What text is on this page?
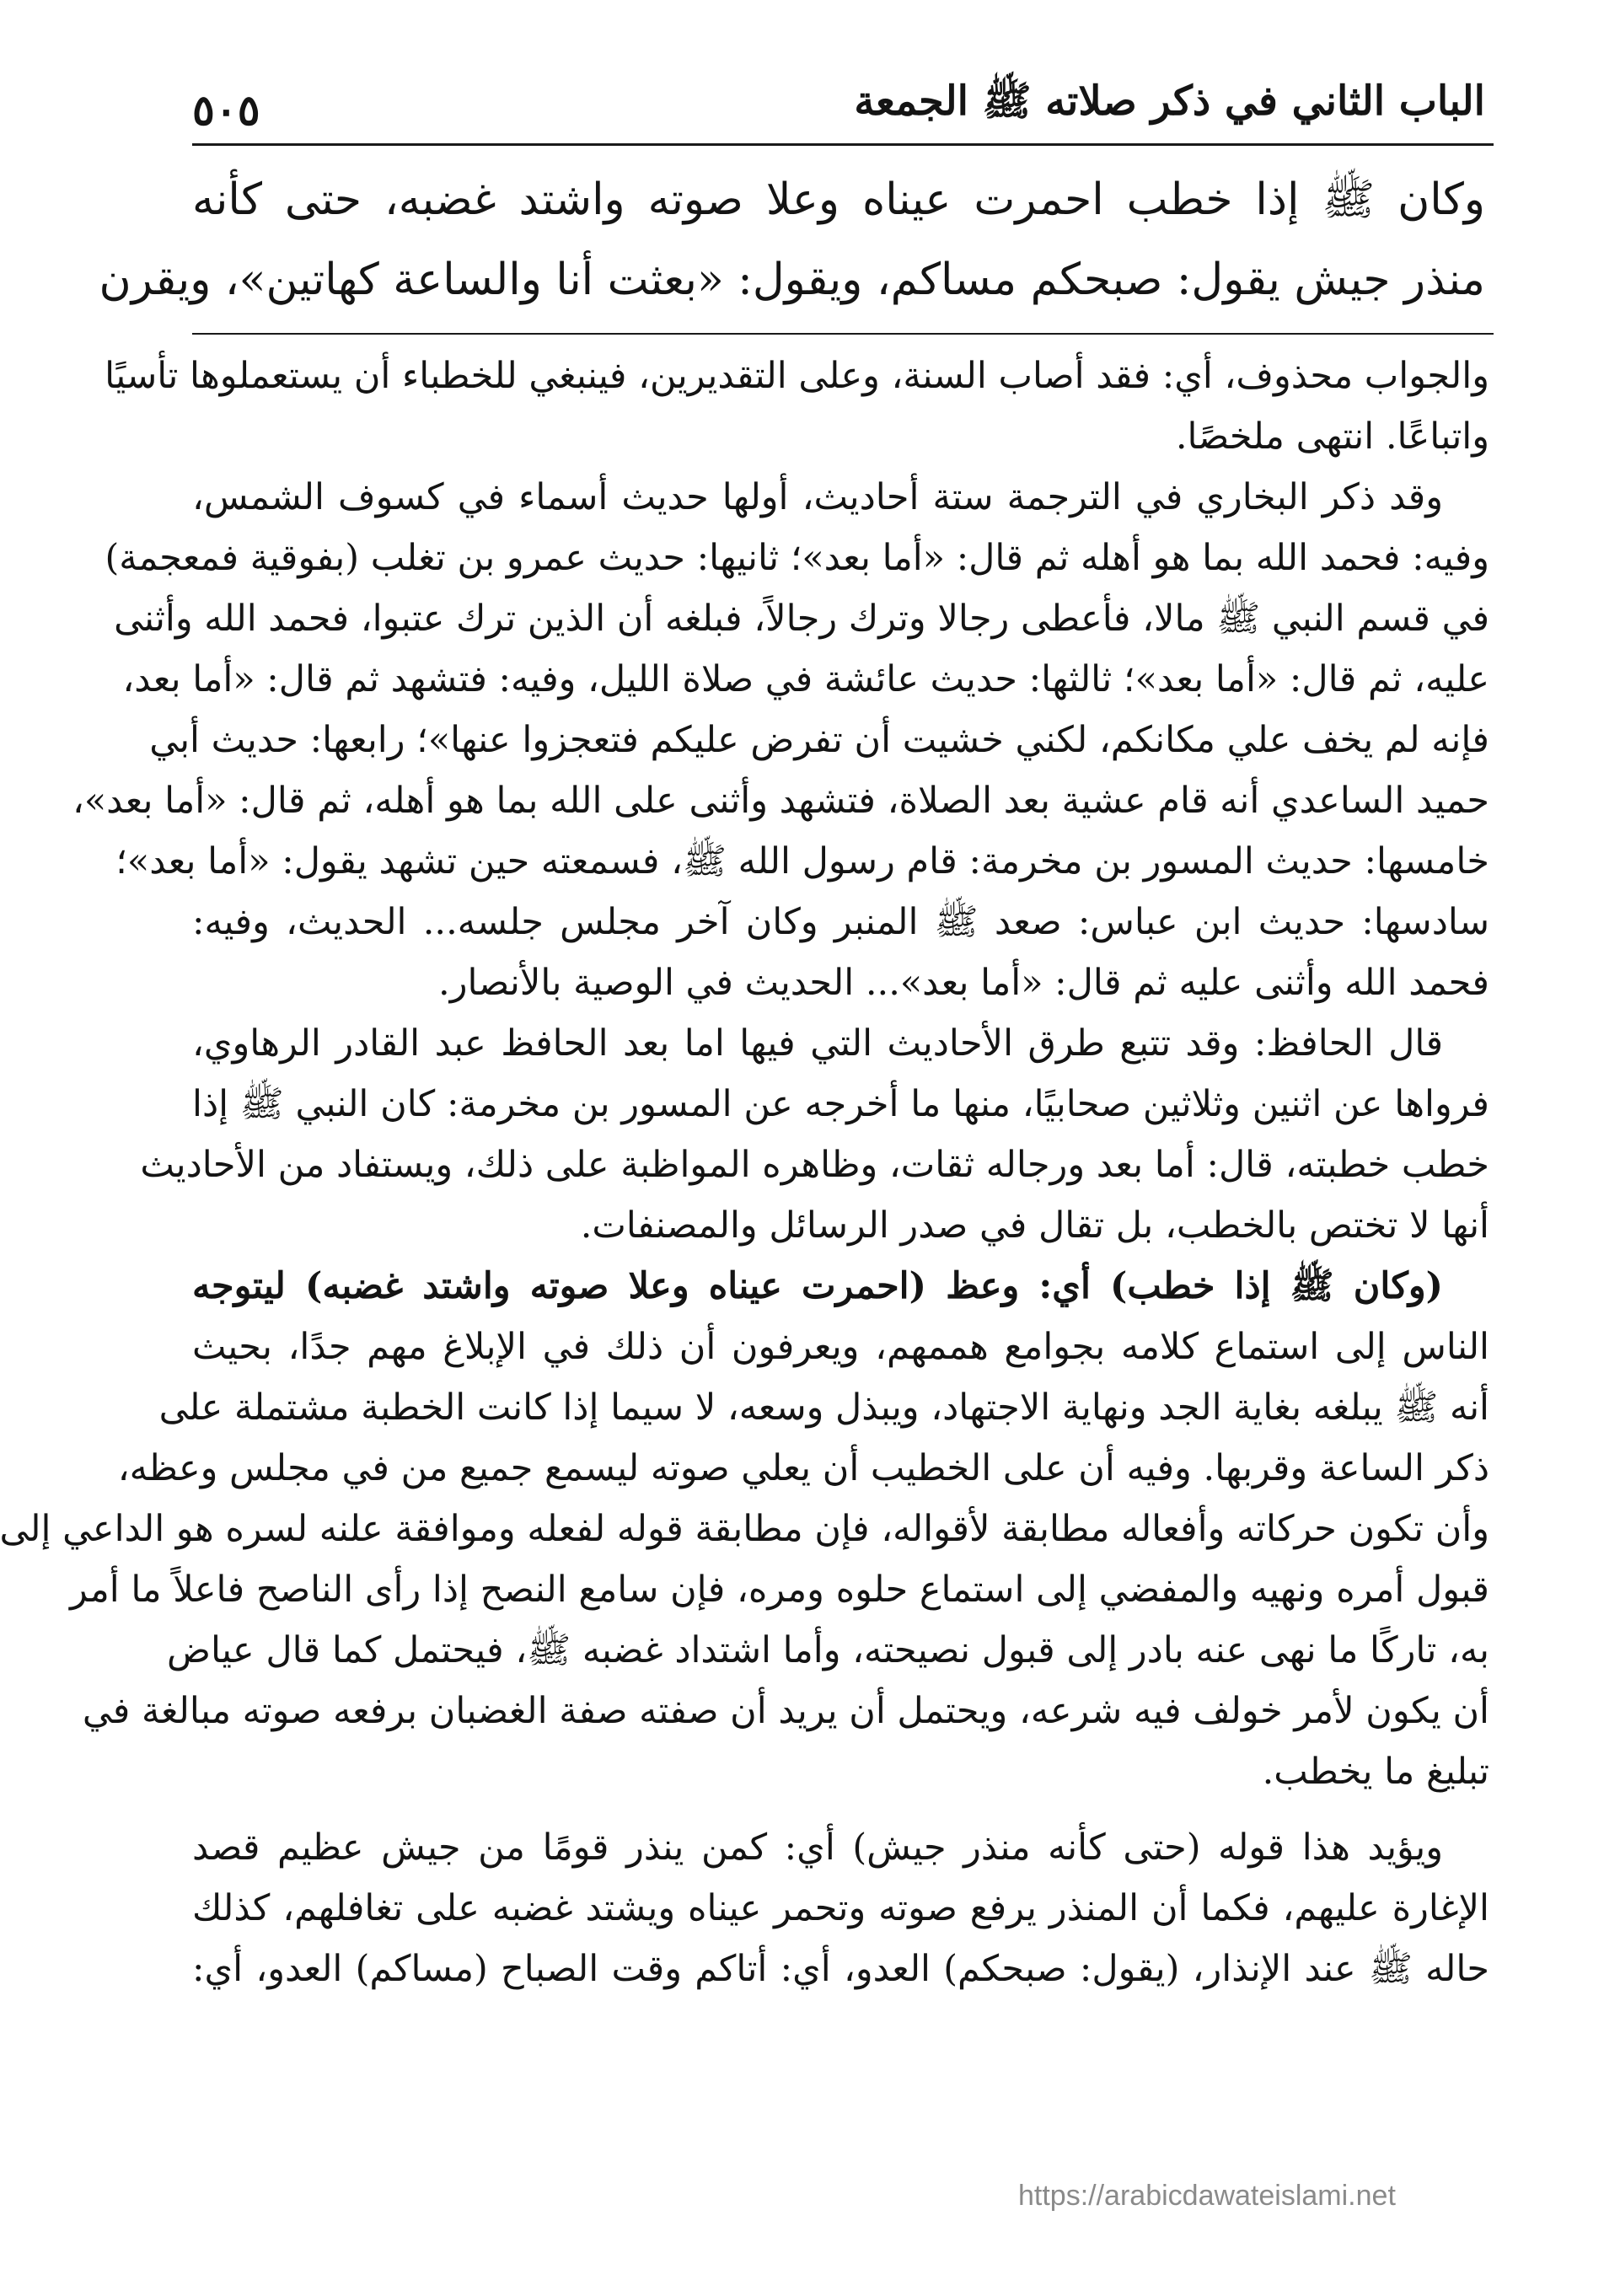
الباب الثاني في ذكر صلاته ﷺ الجمعة
٥٠٥
وكان ﷺ إذا خطب احمرت عيناه وعلا صوته واشتد غضبه، حتى كأنه
منذر جيش يقول: صبحكم مساكم، ويقول: «بعثت أنا والساعة كهاتين»، ويقرن
والجواب محذوف، أي: فقد أصاب السنة، وعلى التقديرين، فينبغي للخطباء أن يستعملوها تأسيًا
واتباعًا. انتهى ملخصًا.
وقد ذكر البخاري في الترجمة ستة أحاديث، أولها حديث أسماء في كسوف الشمس،
وفيه: فحمد الله بما هو أهله ثم قال: «أما بعد»؛ ثانيها: حديث عمرو بن تغلب (بفوقية فمعجمة)
في قسم النبي ﷺ مالا، فأعطى رجالا وترك رجالاً، فبلغه أن الذين ترك عتبوا، فحمد الله وأثنى
عليه، ثم قال: «أما بعد»؛ ثالثها: حديث عائشة في صلاة الليل، وفيه: فتشهد ثم قال: «أما بعد،
فإنه لم يخف علي مكانكم، لكني خشيت أن تفرض عليكم فتعجزوا عنها»؛ رابعها: حديث أبي
حميد الساعدي أنه قام عشية بعد الصلاة، فتشهد وأثنى على الله بما هو أهله، ثم قال: «أما بعد»،
خامسها: حديث المسور بن مخرمة: قام رسول الله ﷺ، فسمعته حين تشهد يقول: «أما بعد»؛
سادسها: حديث ابن عباس: صعد ﷺ المنبر وكان آخر مجلس جلسه... الحديث، وفيه:
فحمد الله وأثنى عليه ثم قال: «أما بعد»... الحديث في الوصية بالأنصار.
قال الحافظ: وقد تتبع طرق الأحاديث التي فيها اما بعد الحافظ عبد القادر الرهاوي،
فرواها عن اثنين وثلاثين صحابيًا، منها ما أخرجه عن المسور بن مخرمة: كان النبي ﷺ إذا
خطب خطبته، قال: أما بعد ورجاله ثقات، وظاهره المواظبة على ذلك، ويستفاد من الأحاديث
أنها لا تختص بالخطب، بل تقال في صدر الرسائل والمصنفات.
(وكان ﷺ إذا خطب) أي: وعظ (احمرت عيناه وعلا صوته واشتد غضبه) ليتوجه
الناس إلى استماع كلامه بجوامع هممهم، ويعرفون أن ذلك في الإبلاغ مهم جدًا، بحيث
أنه ﷺ يبلغه بغاية الجد ونهاية الاجتهاد، ويبذل وسعه، لا سيما إذا كانت الخطبة مشتملة على
ذكر الساعة وقربها. وفيه أن على الخطيب أن يعلي صوته ليسمع جميع من في مجلس وعظه،
وأن تكون حركاته وأفعاله مطابقة لأقواله، فإن مطابقة قوله لفعله وموافقة علنه لسره هو الداعي إلى
قبول أمره ونهيه والمفضي إلى استماع حلوه ومره، فإن سامع النصح إذا رأى الناصح فاعلاً ما أمر
به، تاركًا ما نهى عنه بادر إلى قبول نصيحته، وأما اشتداد غضبه ﷺ، فيحتمل كما قال عياض
أن يكون لأمر خولف فيه شرعه، ويحتمل أن يريد أن صفته صفة الغضبان برفعه صوته مبالغة في
تبليغ ما يخطب.
ويؤيد هذا قوله (حتى كأنه منذر جيش) أي: كمن ينذر قومًا من جيش عظيم قصد
الإغارة عليهم، فكما أن المنذر يرفع صوته وتحمر عيناه ويشتد غضبه على تغافلهم، كذلك
حاله ﷺ عند الإنذار، (يقول: صبحكم) العدو، أي: أتاكم وقت الصباح (مساكم) العدو، أي:
https://arabicdawateislami.net
